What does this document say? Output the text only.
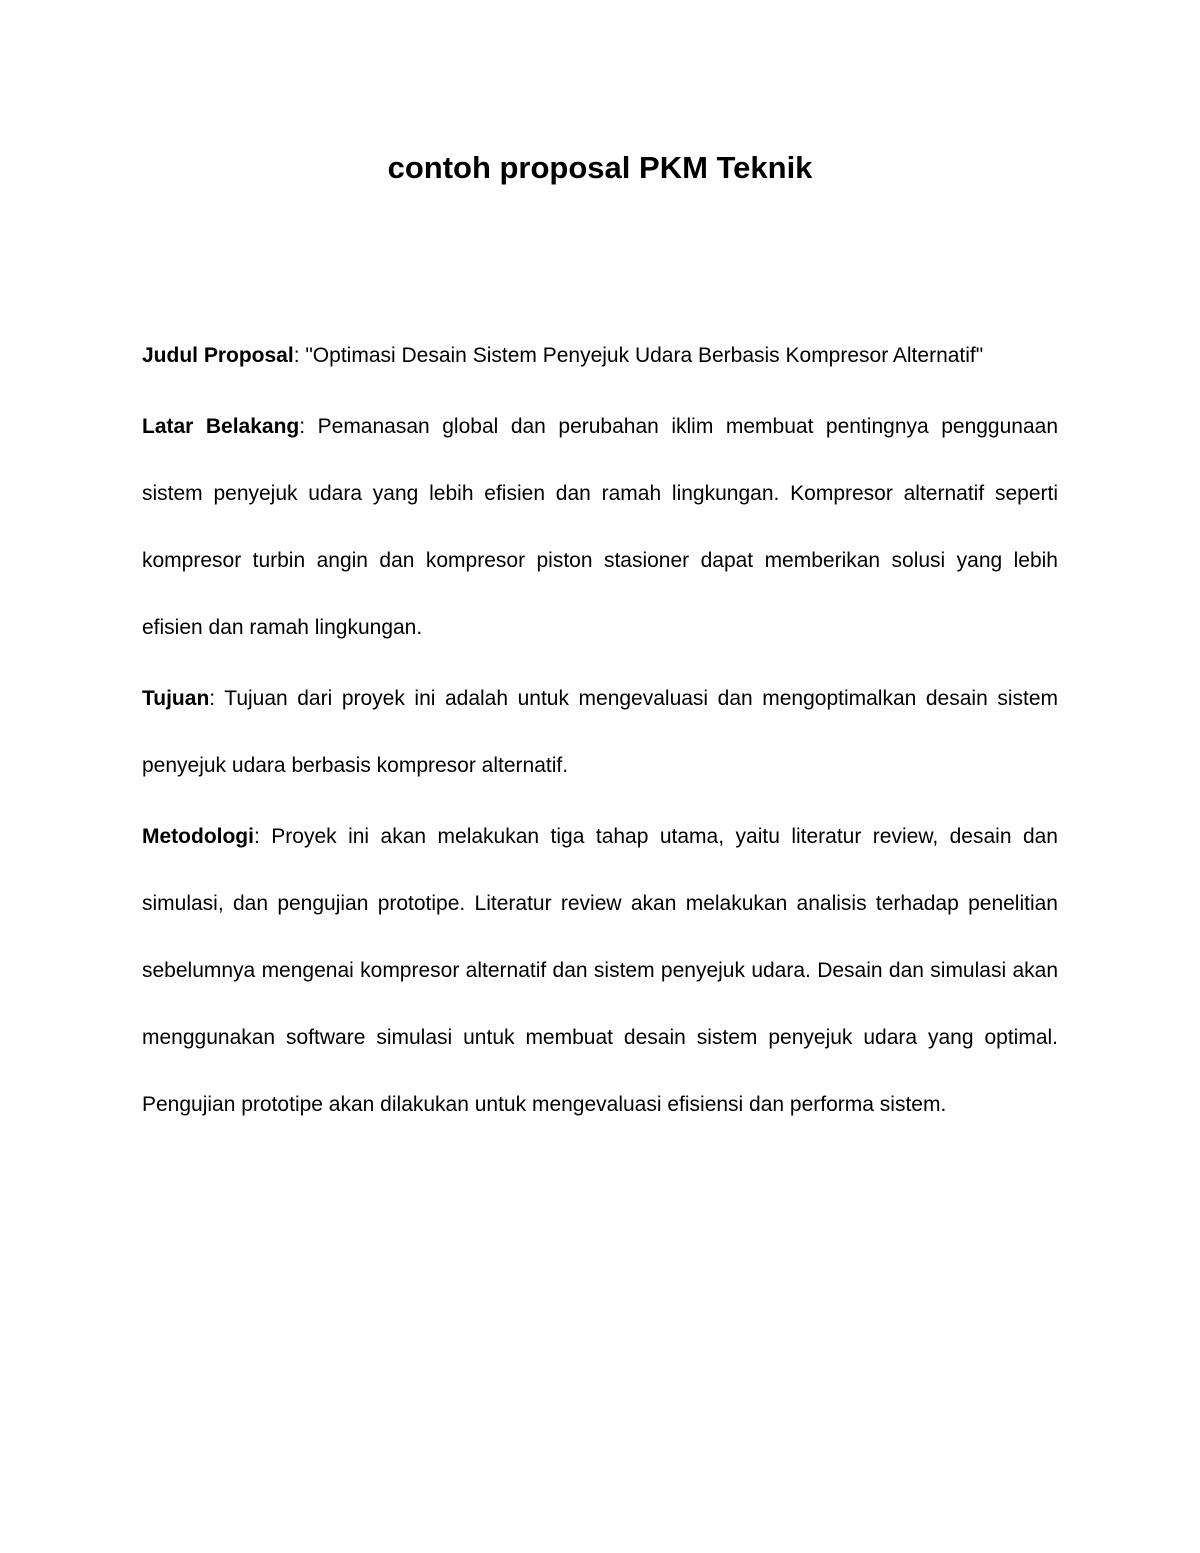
contoh proposal PKM Teknik

Judul Proposal: "Optimasi Desain Sistem Penyejuk Udara Berbasis Kompresor Alternatif"

Latar Belakang: Pemanasan global dan perubahan iklim membuat pentingnya penggunaan sistem penyejuk udara yang lebih efisien dan ramah lingkungan. Kompresor alternatif seperti kompresor turbin angin dan kompresor piston stasioner dapat memberikan solusi yang lebih efisien dan ramah lingkungan.

Tujuan: Tujuan dari proyek ini adalah untuk mengevaluasi dan mengoptimalkan desain sistem penyejuk udara berbasis kompresor alternatif.

Metodologi: Proyek ini akan melakukan tiga tahap utama, yaitu literatur review, desain dan simulasi, dan pengujian prototipe. Literatur review akan melakukan analisis terhadap penelitian sebelumnya mengenai kompresor alternatif dan sistem penyejuk udara. Desain dan simulasi akan menggunakan software simulasi untuk membuat desain sistem penyejuk udara yang optimal. Pengujian prototipe akan dilakukan untuk mengevaluasi efisiensi dan performa sistem.
